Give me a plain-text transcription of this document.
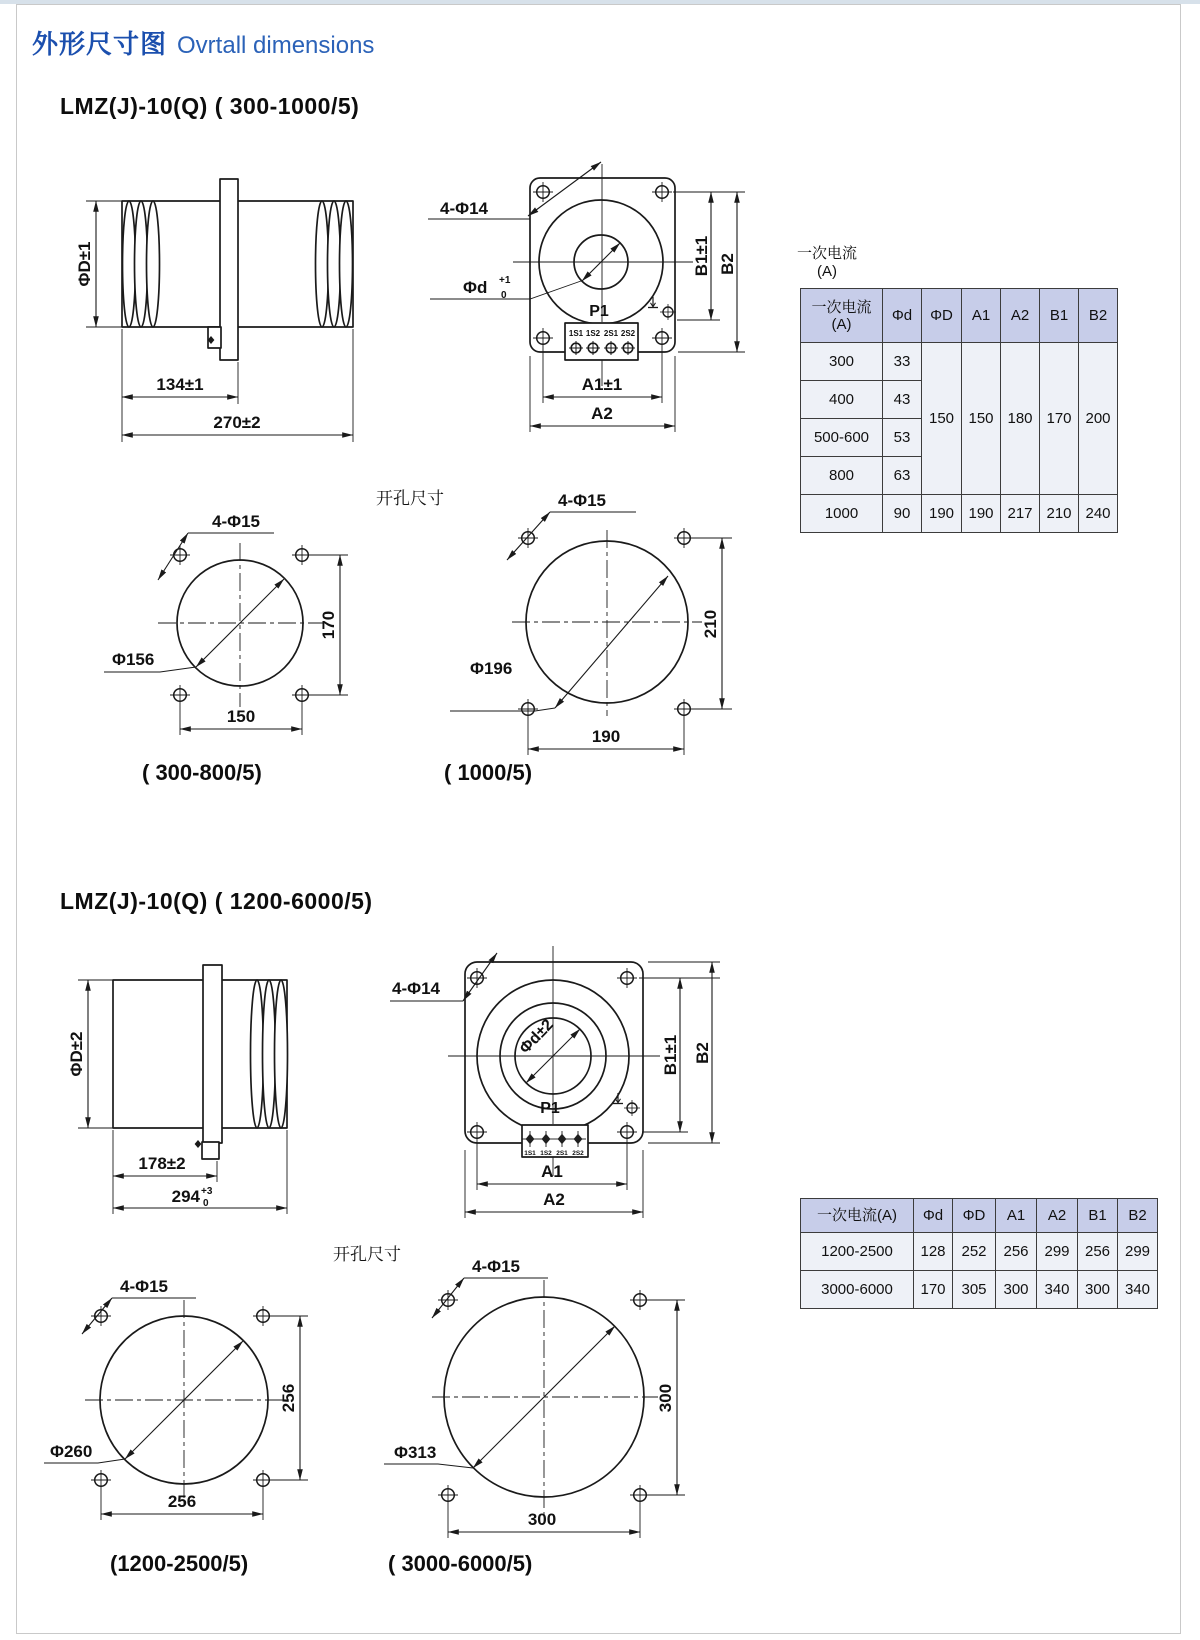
外形尺寸图 Ovrtall dimensions
LMZ(J)-10(Q) ( 300-1000/5)
ΦD±1
134±1
270±2
4-Φ14
Φd +1
0
P1
1S1 1S2 2S1 2S2
B1±1 B2
A1±1
A2
开孔尺寸
Φ156
4-Φ15
170
150
Φ196
4-Φ15
210
190
( 300-800/5)	( 1000/5)
一次电流
(A)
一次电流
(A)	Φd	ΦD	A1	A2	B1	B2
300	33	150	150	180	170	200
400	43					
500-600	53					
800	63					
1000	90	190	190	217	210	240
LMZ(J)-10(Q) ( 1200-6000/5)
ΦD±2
178±2
294 +3
0
4-Φ14
Φd±2
P1
1S1 1S2 2S1 2S2
B1±1 B2
A1
A2
一次电流(A)	Φd	ΦD	A1	A2	B1	B2
1200-2500	128	252	256	299	256	299
3000-6000	170	305	300	340	300	340
开孔尺寸
Φ260
4-Φ15
256
256
Φ313
4-Φ15
300
300
(1200-2500/5)	( 3000-6000/5)
